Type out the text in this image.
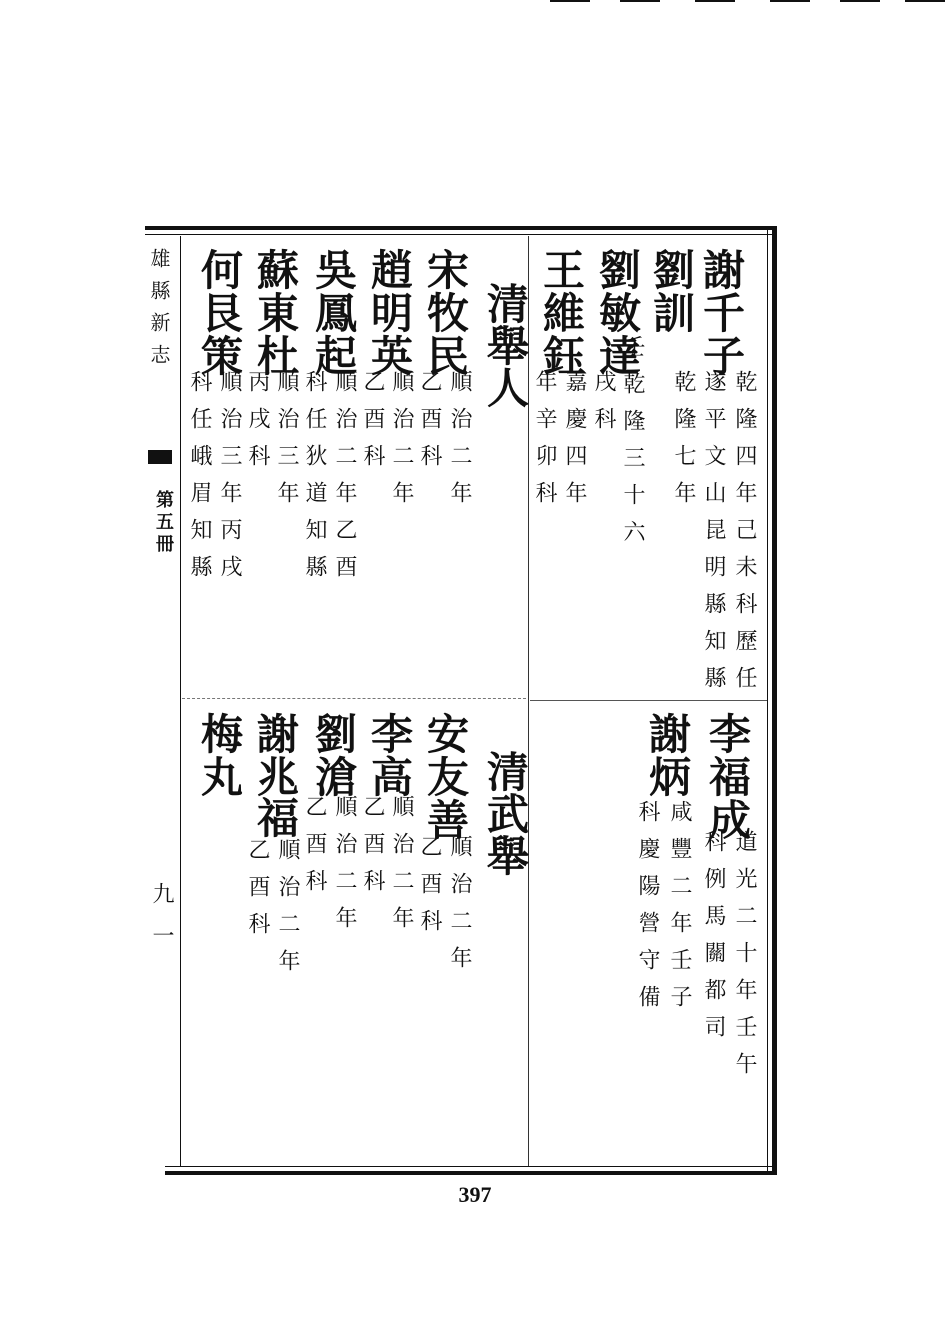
雄縣新志
第五冊
九一
謝千子
乾隆四年己未科歷任
遂平文山昆明縣知縣
劉訓
乾隆七年
劉敏達
壬乾隆三十六
戌科
王維鈺
嘉慶四年
年辛卯科
清舉人
宋牧民
順治二年
乙酉科
趙明英
順治二年
乙酉科
吳鳳起
順治二年乙酉
科任狄道知縣
蘇東杜
順治三年
丙戌科
何艮策
順治三年丙戌
科任峨眉知縣
李福成
道光二十年壬午
科例馬關都司
謝炳
咸豐二年壬子
科慶陽營守備
清武舉
安友善
順治二年
乙酉科
李高
順治二年
乙酉科
劉滄
順治二年
乙酉科
謝兆
福
順治二年
乙酉科
梅丸
397
